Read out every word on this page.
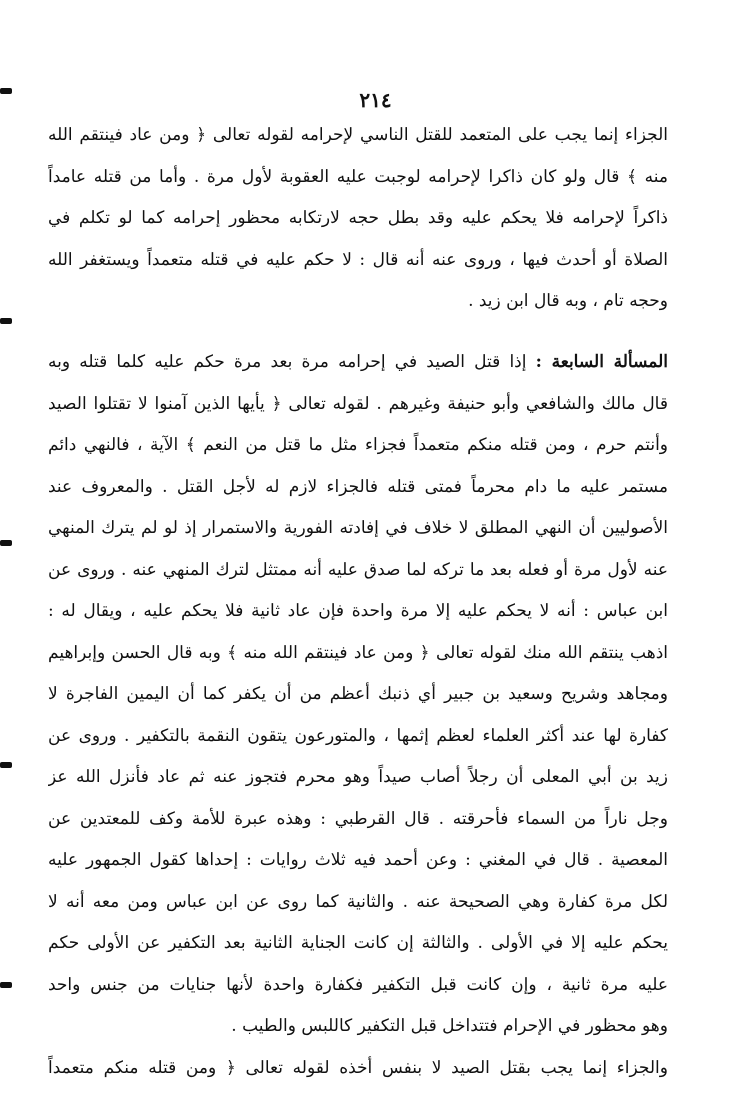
٢١٤
الجزاء إنما يجب على المتعمد للقتل الناسي لإحرامه لقوله تعالى ﴿ ومن عاد فينتقم الله
منه ﴾ قال ولو كان ذاكرا لإحرامه لوجبت عليه العقوبة لأول مرة . وأما من قتله عامداً
ذاكراً لإحرامه فلا يحكم عليه وقد بطل حجه لارتكابه محظور إحرامه كما لو تكلم في
الصلاة أو أحدث فيها ، وروى عنه أنه قال : لا حكم عليه في قتله متعمداً ويستغفر الله
وحجه تام ، وبه قال ابن زيد .
المسألة السابعة : إذا قتل الصيد في إحرامه مرة بعد مرة حكم عليه كلما قتله وبه
قال مالك والشافعي وأبو حنيفة وغيرهم . لقوله تعالى ﴿ يأيها الذين آمنوا لا تقتلوا الصيد
وأنتم حرم ، ومن قتله منكم متعمداً فجزاء مثل ما قتل من النعم ﴾ الآية ، فالنهي دائم
مستمر عليه ما دام محرماً فمتى قتله فالجزاء لازم له لأجل القتل . والمعروف عند
الأصوليين أن النهي المطلق لا خلاف في إفادته الفورية والاستمرار إذ لو لم يترك المنهي
عنه لأول مرة أو فعله بعد ما تركه لما صدق عليه أنه ممتثل لترك المنهي عنه . وروى عن
ابن عباس : أنه لا يحكم عليه إلا مرة واحدة فإن عاد ثانية فلا يحكم عليه ، ويقال له :
اذهب ينتقم الله منك لقوله تعالى ﴿ ومن عاد فينتقم الله منه ﴾ وبه قال الحسن وإبراهيم
ومجاهد وشريح وسعيد بن جبير أي ذنبك أعظم من أن يكفر كما أن اليمين الفاجرة لا
كفارة لها عند أكثر العلماء لعظم إثمها ، والمتورعون يتقون النقمة بالتكفير . وروى عن
زيد بن أبي المعلى أن رجلاً أصاب صيداً وهو محرم فتجوز عنه ثم عاد فأنزل الله عز
وجل ناراً من السماء فأحرقته . قال القرطبي : وهذه عبرة للأمة وكف للمعتدين عن
المعصية . قال في المغني : وعن أحمد فيه ثلاث روايات : إحداها كقول الجمهور عليه
لكل مرة كفارة وهي الصحيحة عنه . والثانية كما روى عن ابن عباس ومن معه أنه لا
يحكم عليه إلا في الأولى . والثالثة إن كانت الجناية الثانية بعد التكفير عن الأولى حكم
عليه مرة ثانية ، وإن كانت قبل التكفير فكفارة واحدة لأنها جنايات من جنس واحد
وهو محظور في الإحرام فتتداخل قبل التكفير كاللبس والطيب .
والجزاء إنما يجب بقتل الصيد لا بنفس أخذه لقوله تعالى ﴿ ومن قتله منكم متعمداً
